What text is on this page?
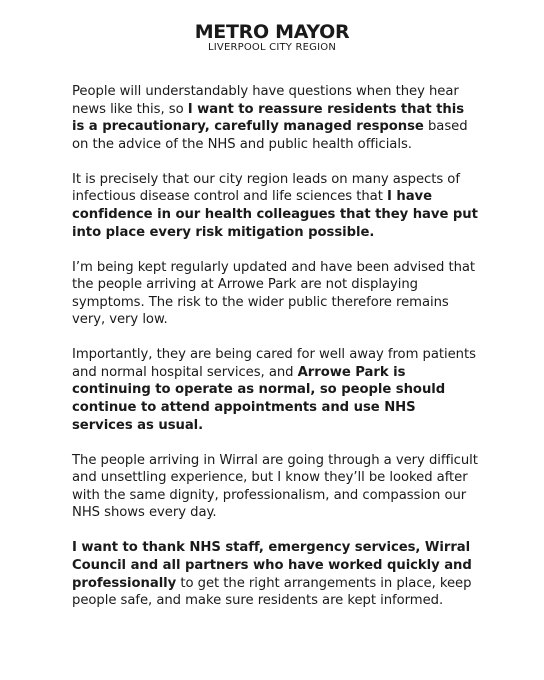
METRO MAYOR
LIVERPOOL CITY REGION

People will understandably have questions when they hear news like this, so I want to reassure residents that this is a precautionary, carefully managed response based on the advice of the NHS and public health officials.

It is precisely that our city region leads on many aspects of infectious disease control and life sciences that I have confidence in our health colleagues that they have put into place every risk mitigation possible.

I’m being kept regularly updated and have been advised that the people arriving at Arrowe Park are not displaying symptoms. The risk to the wider public therefore remains very, very low.

Importantly, they are being cared for well away from patients and normal hospital services, and Arrowe Park is continuing to operate as normal, so people should continue to attend appointments and use NHS services as usual.

The people arriving in Wirral are going through a very difficult and unsettling experience, but I know they’ll be looked after with the same dignity, professionalism, and compassion our NHS shows every day.

I want to thank NHS staff, emergency services, Wirral Council and all partners who have worked quickly and professionally to get the right arrangements in place, keep people safe, and make sure residents are kept informed.
